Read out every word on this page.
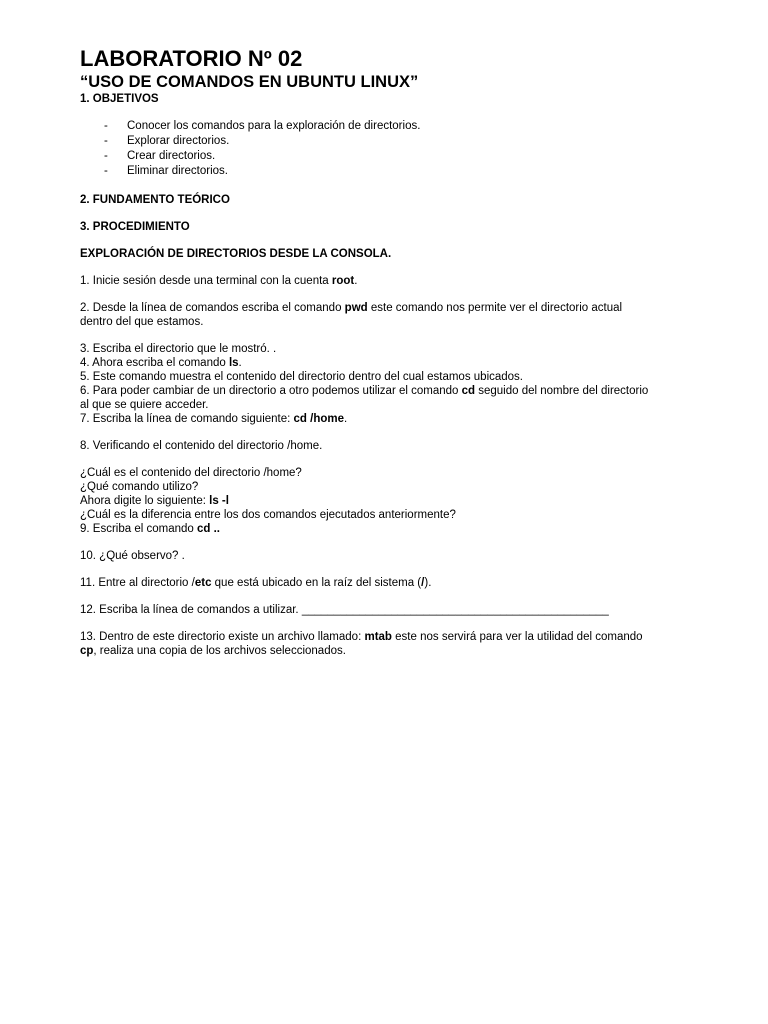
LABORATORIO Nº 02

“USO DE COMANDOS EN UBUNTU LINUX”

1. OBJETIVOS

- Conocer los comandos para la exploración de directorios.
- Explorar directorios.
- Crear directorios.
- Eliminar directorios.

2. FUNDAMENTO TEÓRICO

3. PROCEDIMIENTO

EXPLORACIÓN DE DIRECTORIOS DESDE LA CONSOLA.

1. Inicie sesión desde una terminal con la cuenta root.

2. Desde la línea de comandos escriba el comando pwd este comando nos permite ver el directorio actual
dentro del que estamos.

3. Escriba el directorio que le mostró. .

4. Ahora escriba el comando ls.

5. Este comando muestra el contenido del directorio dentro del cual estamos ubicados.

6. Para poder cambiar de un directorio a otro podemos utilizar el comando cd seguido del nombre del directorio
al que se quiere acceder.

7. Escriba la línea de comando siguiente: cd /home.

8. Verificando el contenido del directorio /home.

¿Cuál es el contenido del directorio /home?

¿Qué comando utilizo?

Ahora digite lo siguiente: ls -l

¿Cuál es la diferencia entre los dos comandos ejecutados anteriormente?

9. Escriba el comando cd ..

10. ¿Qué observo? .

11. Entre al directorio /etc que está ubicado en la raíz del sistema (/).

12. Escriba la línea de comandos a utilizar. ________________________________________________

13. Dentro de este directorio existe un archivo llamado: mtab este nos servirá para ver la utilidad del comando
cp, realiza una copia de los archivos seleccionados.
